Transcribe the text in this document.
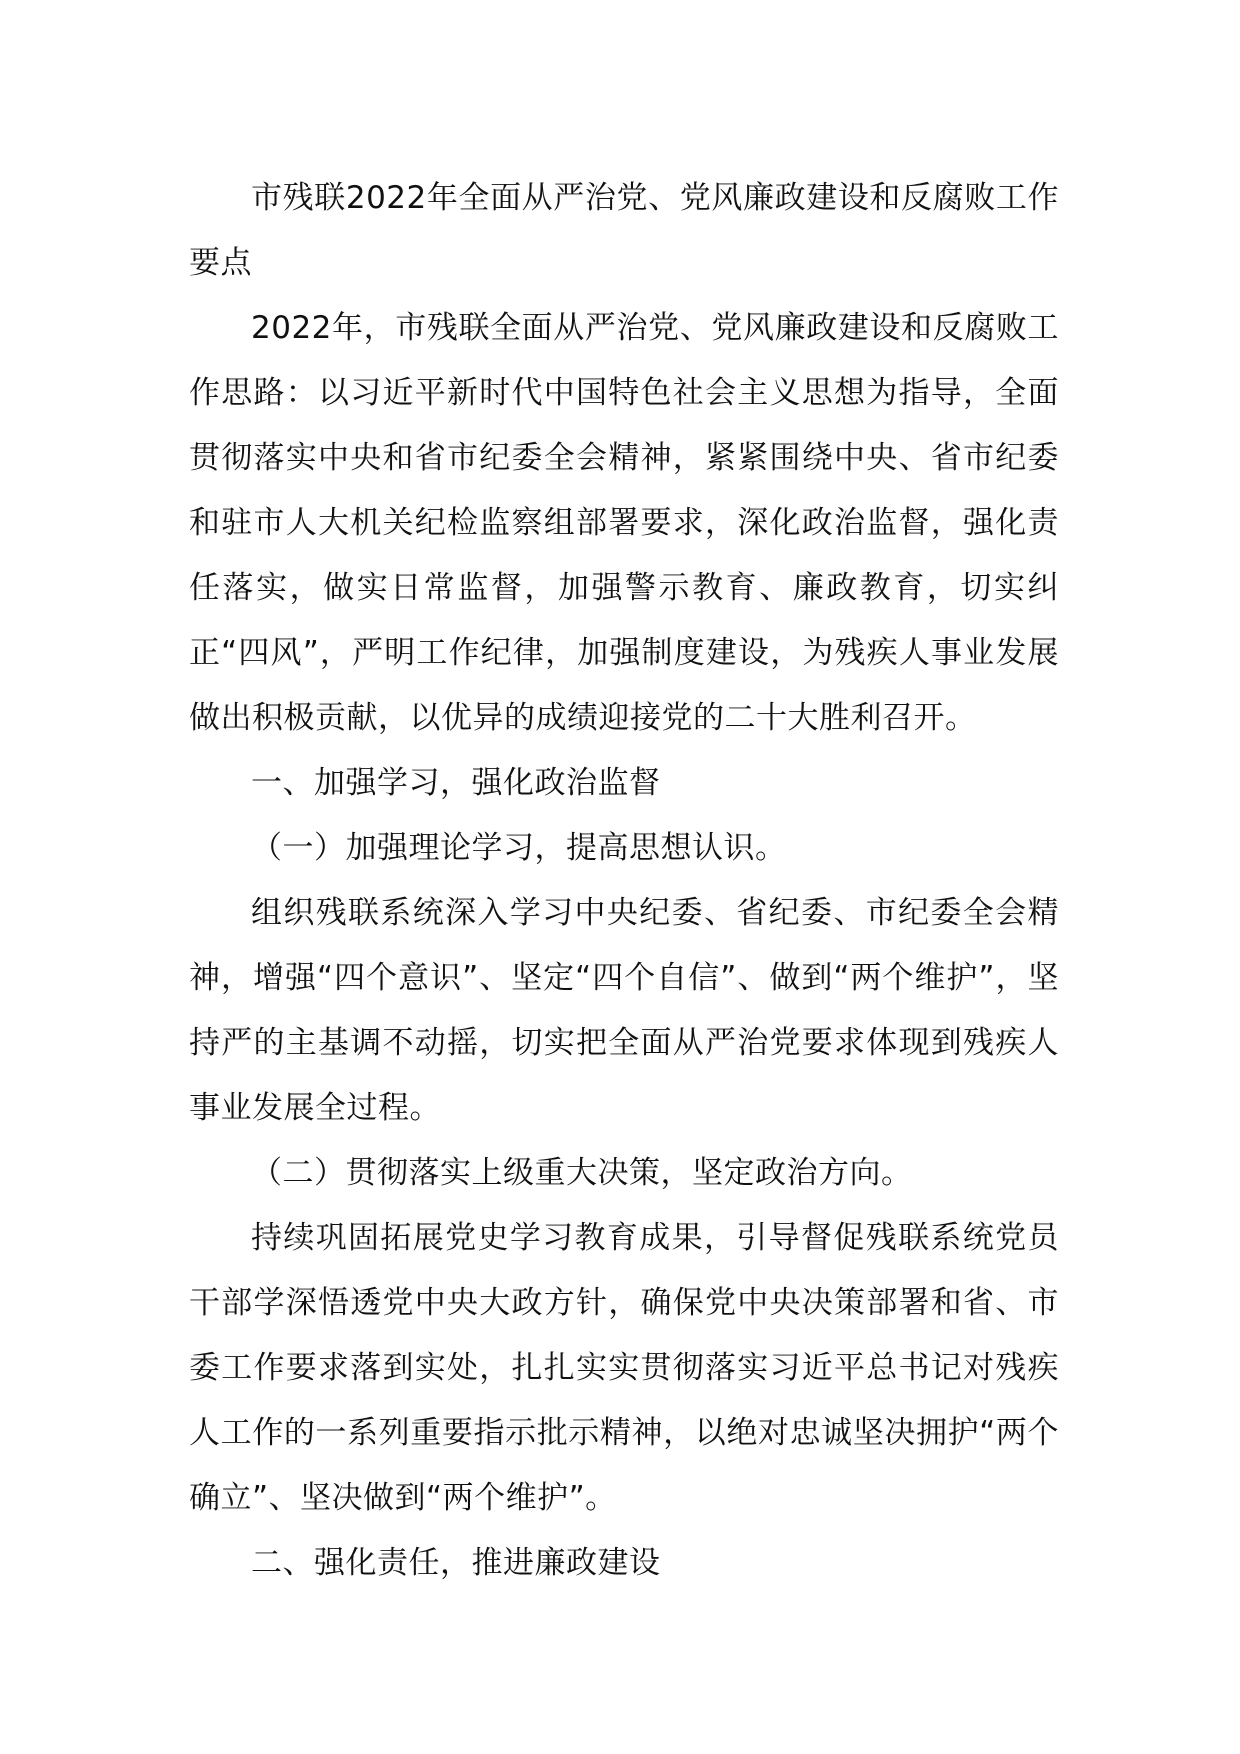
市残联2022年全面从严治党、党风廉政建设和反腐败工作要点

2022年，市残联全面从严治党、党风廉政建设和反腐败工作思路：以习近平新时代中国特色社会主义思想为指导，全面贯彻落实中央和省市纪委全会精神，紧紧围绕中央、省市纪委和驻市人大机关纪检监察组部署要求，深化政治监督，强化责任落实，做实日常监督，加强警示教育、廉政教育，切实纠正“四风”，严明工作纪律，加强制度建设，为残疾人事业发展做出积极贡献，以优异的成绩迎接党的二十大胜利召开。

一、加强学习，强化政治监督

（一）加强理论学习，提高思想认识。

组织残联系统深入学习中央纪委、省纪委、市纪委全会精神，增强“四个意识”、坚定“四个自信”、做到“两个维护”，坚持严的主基调不动摇，切实把全面从严治党要求体现到残疾人事业发展全过程。

（二）贯彻落实上级重大决策，坚定政治方向。

持续巩固拓展党史学习教育成果，引导督促残联系统党员干部学深悟透党中央大政方针，确保党中央决策部署和省、市委工作要求落到实处，扎扎实实贯彻落实习近平总书记对残疾人工作的一系列重要指示批示精神，以绝对忠诚坚决拥护“两个确立”、坚决做到“两个维护”。

二、强化责任，推进廉政建设
